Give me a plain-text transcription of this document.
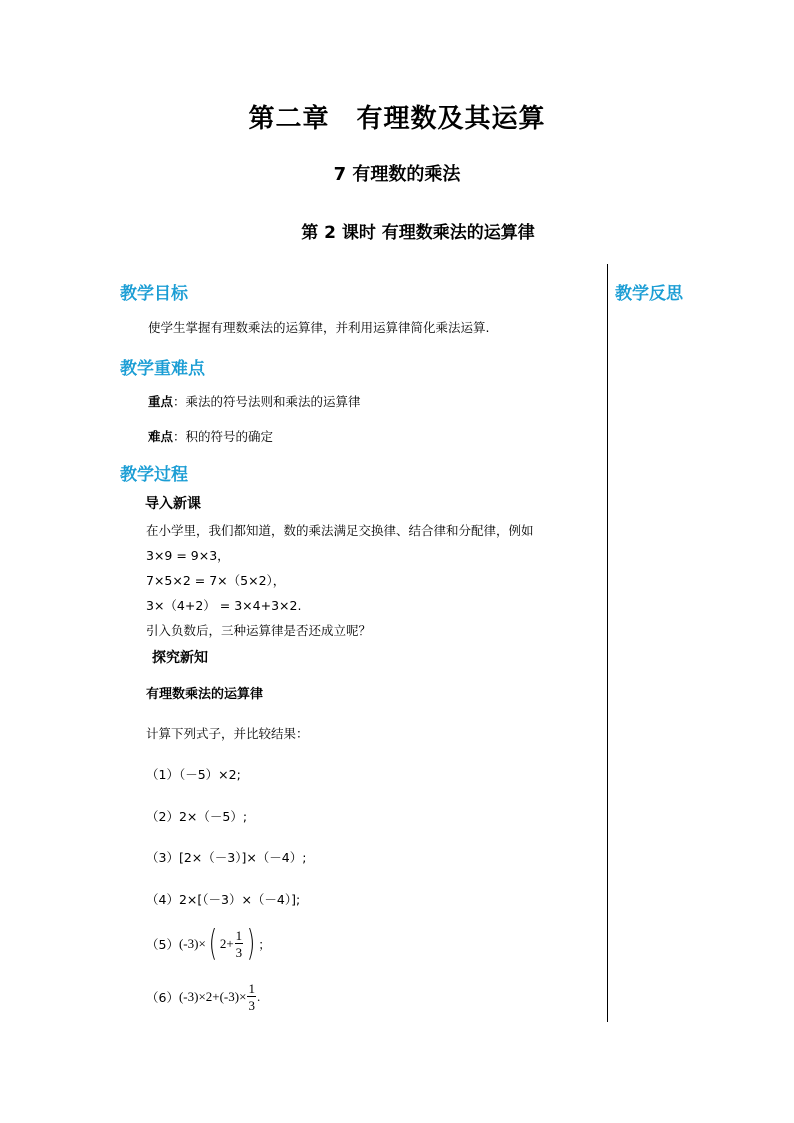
第二章　有理数及其运算
7 有理数的乘法
第 2 课时 有理数乘法的运算律
教学反思
教学目标
使学生掌握有理数乘法的运算律，并利用运算律简化乘法运算.
教学重难点
重点：乘法的符号法则和乘法的运算律
难点：积的符号的确定
教学过程
导入新课
在小学里，我们都知道，数的乘法满足交换律、结合律和分配律，例如
3×9 = 9×3，
7×5×2 = 7×（5×2），
3×（4+2） = 3×4+3×2.
引入负数后，三种运算律是否还成立呢？
探究新知
有理数乘法的运算律
计算下列式子，并比较结果：
（1）（－5）×2;
（2）2×（－5）;
（3）[2×（－3）]×（－4）;
（4）2×[（－3）×（－4）];
（5） (-3)× ( $2+ \frac{1}{3}$ ) ；
（6） $(-3)\times 2+(-3)\times \frac{1}{3}$ .
